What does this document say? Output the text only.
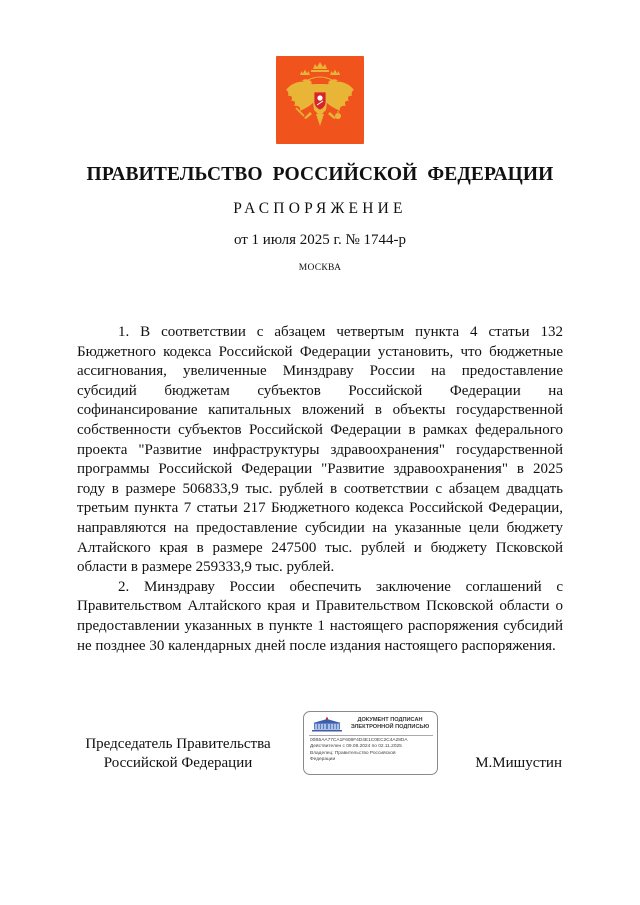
ПРАВИТЕЛЬСТВО РОССИЙСКОЙ ФЕДЕРАЦИИ
РАСПОРЯЖЕНИЕ
от 1 июля 2025 г. № 1744-р
МОСКВА

1. В соответствии с абзацем четвертым пункта 4 статьи 132 Бюджетного кодекса Российской Федерации установить, что бюджетные ассигнования, увеличенные Минздраву России на предоставление субсидий бюджетам субъектов Российской Федерации на софинансирование капитальных вложений в объекты государственной собственности субъектов Российской Федерации в рамках федерального проекта "Развитие инфраструктуры здравоохранения" государственной программы Российской Федерации "Развитие здравоохранения" в 2025 году в размере 506833,9 тыс. рублей в соответствии с абзацем двадцать третьим пункта 7 статьи 217 Бюджетного кодекса Российской Федерации, направляются на предоставление субсидии на указанные цели бюджету Алтайского края в размере 247500 тыс. рублей и бюджету Псковской области в размере 259333,9 тыс. рублей.

2. Минздраву России обеспечить заключение соглашений с Правительством Алтайского края и Правительством Псковской области о предоставлении указанных в пункте 1 настоящего распоряжения субсидий не позднее 30 календарных дней после издания настоящего распоряжения.

Председатель Правительства
Российской Федерации
ДОКУМЕНТ ПОДПИСАН
ЭЛЕКТРОННОЙ ПОДПИСЬЮ
00B5AA77CA1F608F4D4E1C0EC2C4A28DA
Действителен с 09.08.2024 по 02.11.2025
Владелец: Правительство Российской
Федерации	М.Мишустин
